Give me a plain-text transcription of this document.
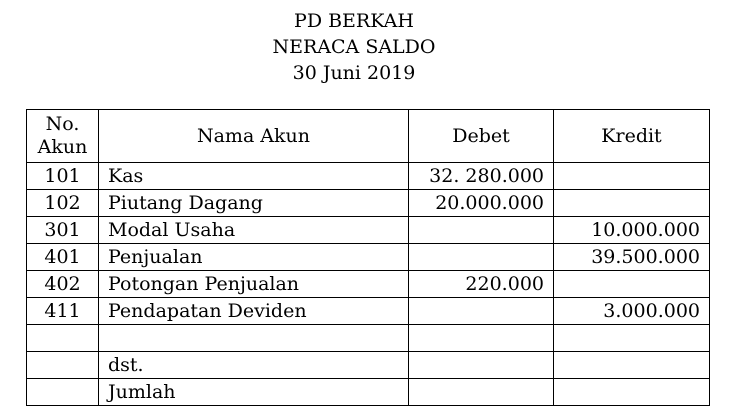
PD BERKAH
NERACA SALDO
30 Juni 2019
No. Akun	Nama Akun	Debet	Kredit
101	Kas	32. 280.000	
102	Piutang Dagang	20.000.000	
301	Modal Usaha		10.000.000
401	Penjualan		39.500.000
402	Potongan Penjualan	220.000	
411	Pendapatan Deviden		3.000.000

	dst.		
	Jumlah		
